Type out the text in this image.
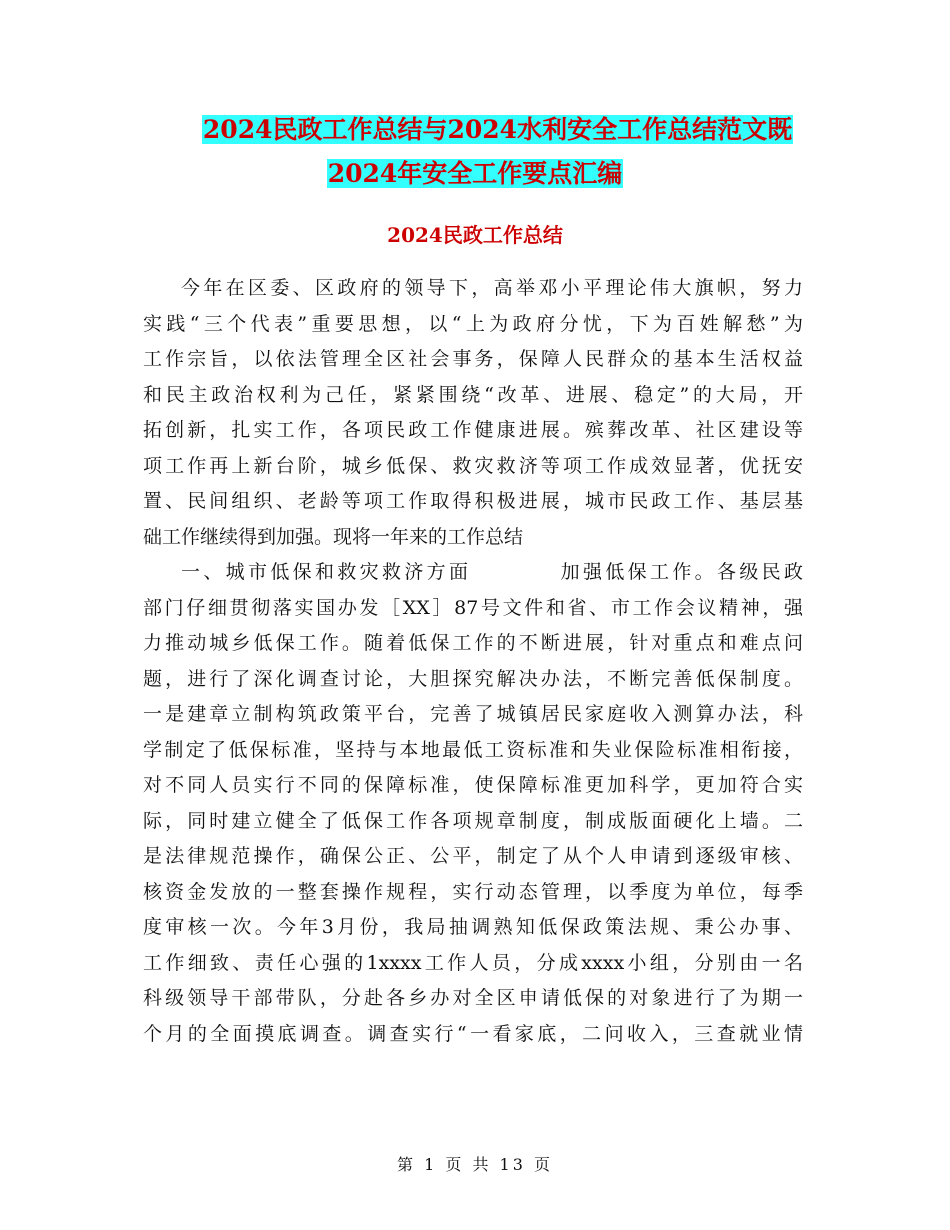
2024民政工作总结与2024水利安全工作总结范文既
2024年安全工作要点汇编
2024民政工作总结
今年在区委、区政府的领导下，高举邓小平理论伟大旗帜，努力
实践“三个代表”重要思想，以“上为政府分忧，下为百姓解愁”为
工作宗旨，以依法管理全区社会事务，保障人民群众的基本生活权益
和民主政治权利为己任，紧紧围绕“改革、进展、稳定”的大局，开
拓创新，扎实工作，各项民政工作健康进展。殡葬改革、社区建设等
项工作再上新台阶，城乡低保、救灾救济等项工作成效显著，优抚安
置、民间组织、老龄等项工作取得积极进展，城市民政工作、基层基
础工作继续得到加强。现将一年来的工作总结
一、城市低保和救灾救济方面　　　　加强低保工作。各级民政
部门仔细贯彻落实国办发［XX］87号文件和省、市工作会议精神，强
力推动城乡低保工作。随着低保工作的不断进展，针对重点和难点问
题，进行了深化调查讨论，大胆探究解决办法，不断完善低保制度。
一是建章立制构筑政策平台，完善了城镇居民家庭收入测算办法，科
学制定了低保标准，坚持与本地最低工资标准和失业保险标准相衔接，
对不同人员实行不同的保障标准，使保障标准更加科学，更加符合实
际，同时建立健全了低保工作各项规章制度，制成版面硬化上墙。二
是法律规范操作，确保公正、公平，制定了从个人申请到逐级审核、
核资金发放的一整套操作规程，实行动态管理，以季度为单位，每季
度审核一次。今年3月份，我局抽调熟知低保政策法规、秉公办事、
工作细致、责任心强的1xxxx工作人员，分成xxxx小组，分别由一名
科级领导干部带队，分赴各乡办对全区申请低保的对象进行了为期一
个月的全面摸底调查。调查实行“一看家底，二问收入，三查就业情
第 1 页 共 13 页
